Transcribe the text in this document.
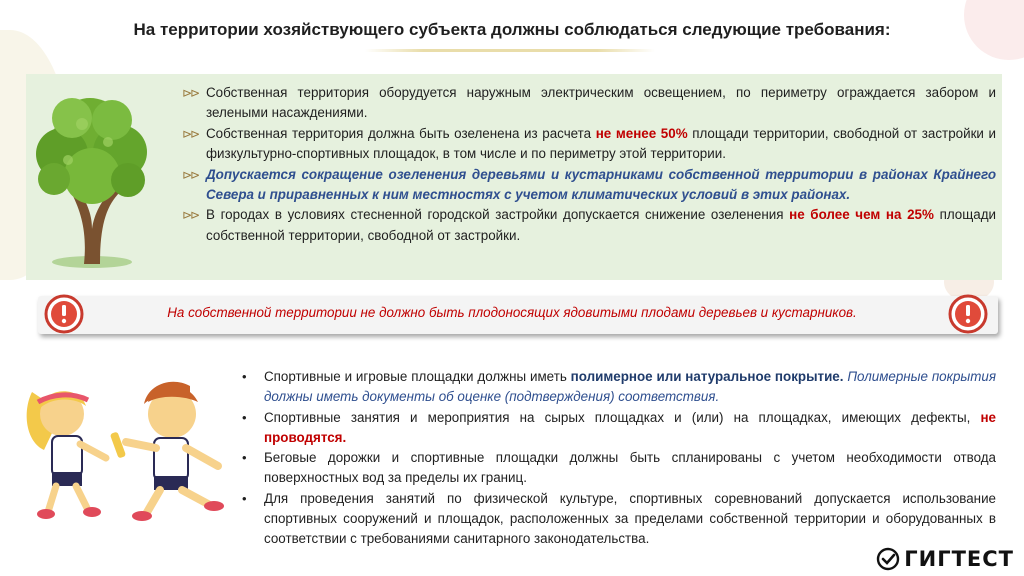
На территории хозяйствующего субъекта должны соблюдаться следующие требования:
⊳⊳ Собственная территория оборудуется наружным электрическим освещением, по периметру ограждается забором и зелеными насаждениями.
⊳⊳ Собственная территория должна быть озеленена из расчета не менее 50% площади территории, свободной от застройки и физкультурно-спортивных площадок, в том числе и по периметру этой территории.
⊳⊳ Допускается сокращение озеленения деревьями и кустарниками собственной территории в районах Крайнего Севера и приравненных к ним местностях с учетом климатических условий в этих районах.
⊳⊳ В городах в условиях стесненной городской застройки допускается снижение озеленения не более чем на 25% площади собственной территории, свободной от застройки.
На собственной территории не должно быть плодоносящих ядовитыми плодами деревьев и кустарников.
• Спортивные и игровые площадки должны иметь полимерное или натуральное покрытие. Полимерные покрытия должны иметь документы об оценке (подтверждения) соответствия.
• Спортивные занятия и мероприятия на сырых площадках и (или) на площадках, имеющих дефекты, не проводятся.
• Беговые дорожки и спортивные площадки должны быть спланированы с учетом необходимости отвода поверхностных вод за пределы их границ.
• Для проведения занятий по физической культуре, спортивных соревнований допускается использование спортивных сооружений и площадок, расположенных за пределами собственной территории и оборудованных в соответствии с требованиями санитарного законодательства.
ГИГТЕСТ
